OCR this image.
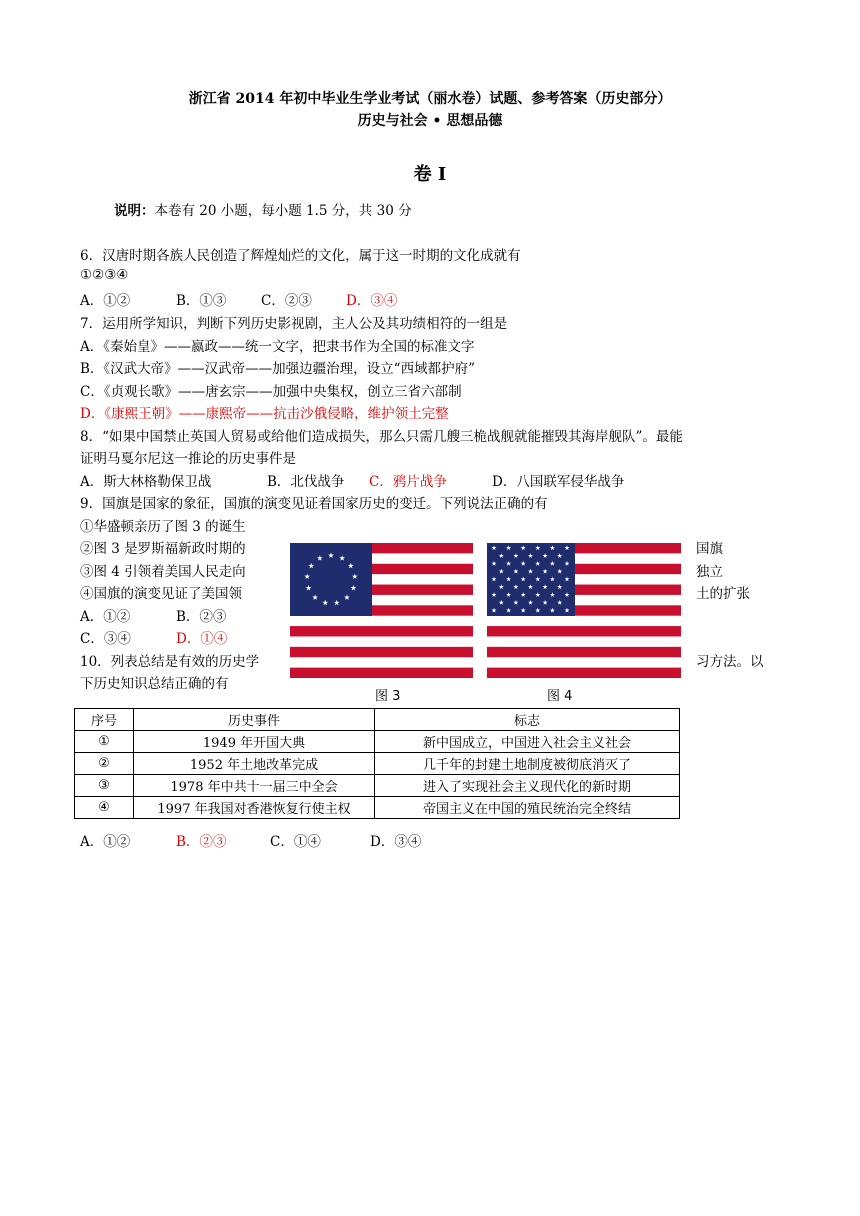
浙江省 2014 年初中毕业生学业考试（丽水卷）试题、参考答案（历史部分）
历史与社会 • 思想品德
卷 I
说明：本卷有 20 小题，每小题 1.5 分，共 30 分
6．汉唐时期各族人民创造了辉煌灿烂的文化，属于这一时期的文化成就有
①②③④
A．①②	B．①③	C．②③	D．③④
7．运用所学知识，判断下列历史影视剧，主人公及其功绩相符的一组是
A．《秦始皇》——嬴政——统一文字，把隶书作为全国的标准文字
B．《汉武大帝》——汉武帝——加强边疆治理，设立“西域都护府”
C．《贞观长歌》——唐玄宗——加强中央集权，创立三省六部制
D．《康熙王朝》——康熙帝——抗击沙俄侵略，维护领土完整
8．“如果中国禁止英国人贸易或给他们造成损失，那么只需几艘三桅战舰就能摧毁其海岸舰队”。最能
证明马戛尔尼这一推论的历史事件是
A．斯大林格勒保卫战	B．北伐战争 C．鸦片战争	D．八国联军侵华战争
9．国旗是国家的象征，国旗的演变见证着国家历史的变迁。下列说法正确的有
①华盛顿亲历了图 3 的诞生
②图 3 是罗斯福新政时期的	国旗
③图 4 引领着美国人民走向	独立
④国旗的演变见证了美国领	土的扩张
A．①②	B．②③
C．③④	D．①④
图 3	图 4
10．列表总结是有效的历史学	习方法。以
下历史知识总结正确的有
序号	历史事件	标志
①	1949 年开国大典	新中国成立，中国进入社会主义社会
②	1952 年土地改革完成	几千年的封建土地制度被彻底消灭了
③	1978 年中共十一届三中全会	进入了实现社会主义现代化的新时期
④	1997 年我国对香港恢复行使主权	帝国主义在中国的殖民统治完全终结
A．①②	B．②③	C．①④	D．③④
